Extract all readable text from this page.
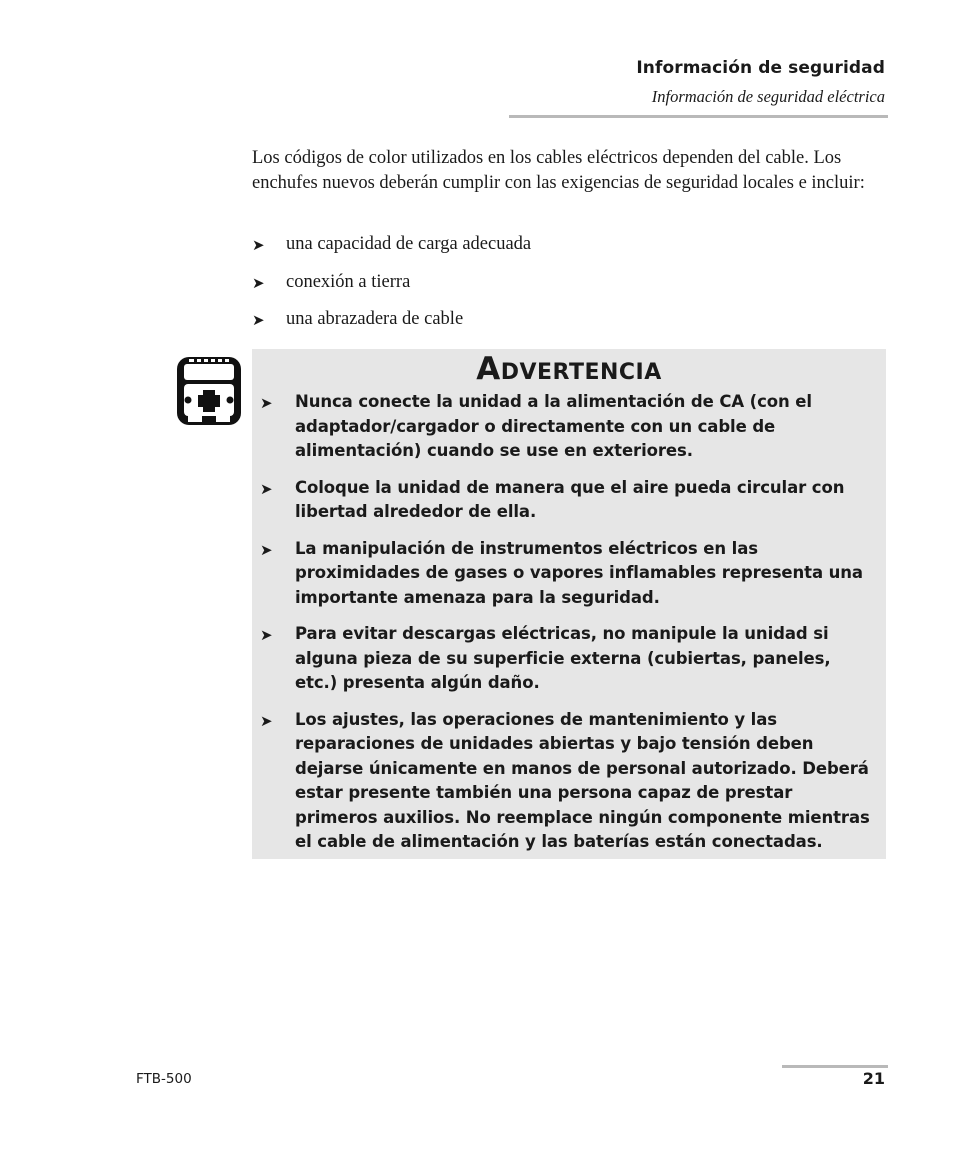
Información de seguridad
Información de seguridad eléctrica

Los códigos de color utilizados en los cables eléctricos dependen del cable. Los enchufes nuevos deberán cumplir con las exigencias de seguridad locales e incluir:

➤	una capacidad de carga adecuada
➤	conexión a tierra
➤	una abrazadera de cable
Advertencia
➤	Nunca conecte la unidad a la alimentación de CA (con el adaptador/cargador o directamente con un cable de alimentación) cuando se use en exteriores.
➤	Coloque la unidad de manera que el aire pueda circular con libertad alrededor de ella.
➤	La manipulación de instrumentos eléctricos en las proximidades de gases o vapores inflamables representa una importante amenaza para la seguridad.
➤	Para evitar descargas eléctricas, no manipule la unidad si alguna pieza de su superficie externa (cubiertas, paneles, etc.) presenta algún daño.
➤	Los ajustes, las operaciones de mantenimiento y las reparaciones de unidades abiertas y bajo tensión deben dejarse únicamente en manos de personal autorizado. Deberá estar presente también una persona capaz de prestar primeros auxilios. No reemplace ningún componente mientras el cable de alimentación y las baterías están conectadas.
FTB-500	21
